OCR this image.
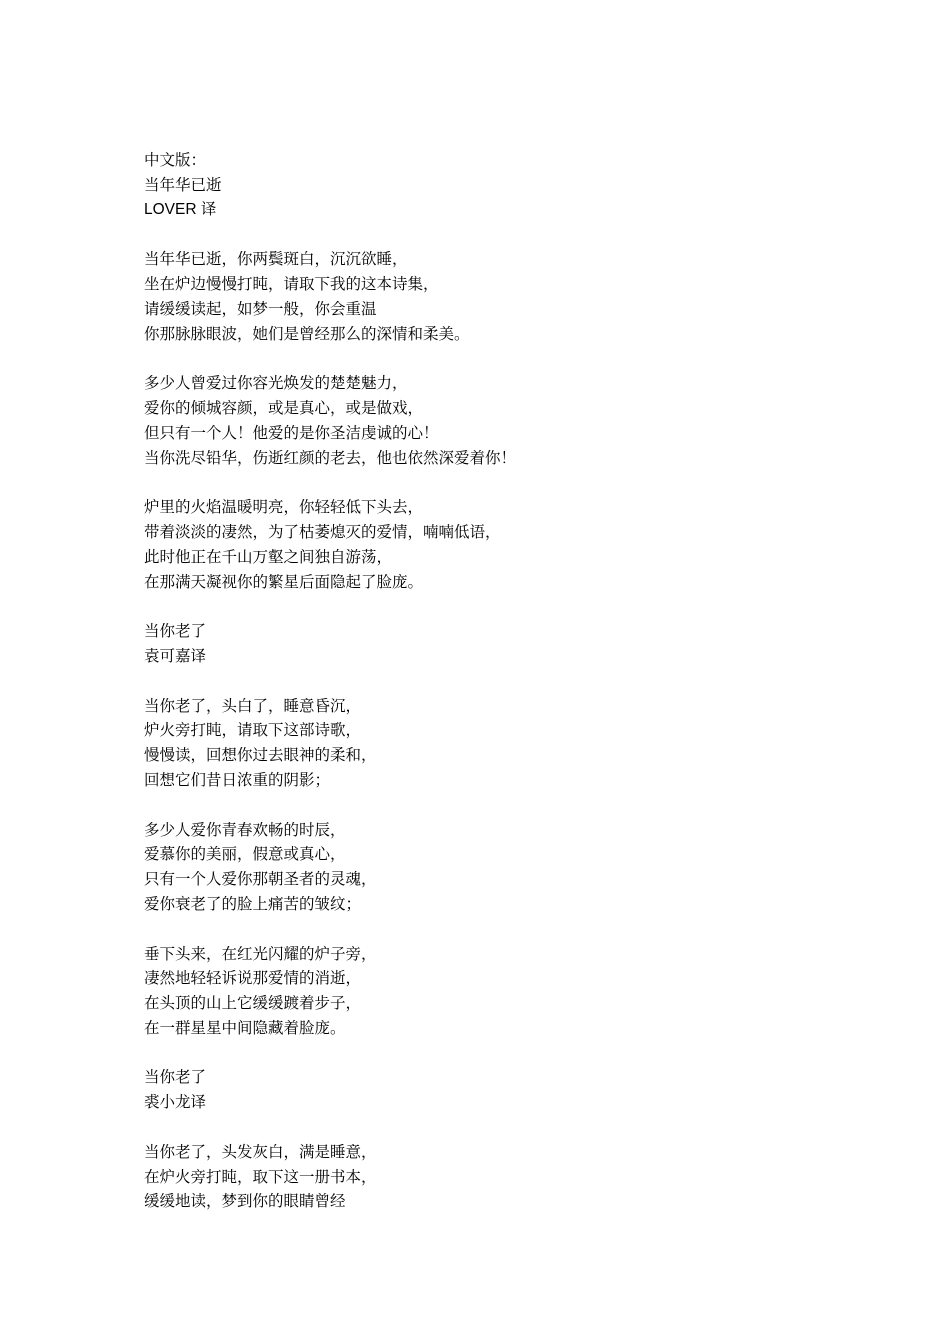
中文版：
当年华已逝
LOVER 译
当年华已逝，你两鬓斑白，沉沉欲睡，
坐在炉边慢慢打盹，请取下我的这本诗集，
请缓缓读起，如梦一般，你会重温
你那脉脉眼波，她们是曾经那么的深情和柔美。
多少人曾爱过你容光焕发的楚楚魅力，
爱你的倾城容颜，或是真心，或是做戏，
但只有一个人！他爱的是你圣洁虔诚的心！
当你洗尽铅华，伤逝红颜的老去，他也依然深爱着你！
炉里的火焰温暖明亮，你轻轻低下头去，
带着淡淡的凄然，为了枯萎熄灭的爱情，喃喃低语，
此时他正在千山万壑之间独自游荡，
在那满天凝视你的繁星后面隐起了脸庞。
当你老了
袁可嘉译
当你老了，头白了，睡意昏沉，
炉火旁打盹，请取下这部诗歌，
慢慢读，回想你过去眼神的柔和，
回想它们昔日浓重的阴影；
多少人爱你青春欢畅的时辰，
爱慕你的美丽，假意或真心，
只有一个人爱你那朝圣者的灵魂，
爱你衰老了的脸上痛苦的皱纹；
垂下头来，在红光闪耀的炉子旁，
凄然地轻轻诉说那爱情的消逝，
在头顶的山上它缓缓踱着步子，
在一群星星中间隐藏着脸庞。
当你老了
裘小龙译
当你老了，头发灰白，满是睡意，
在炉火旁打盹，取下这一册书本，
缓缓地读，梦到你的眼睛曾经
